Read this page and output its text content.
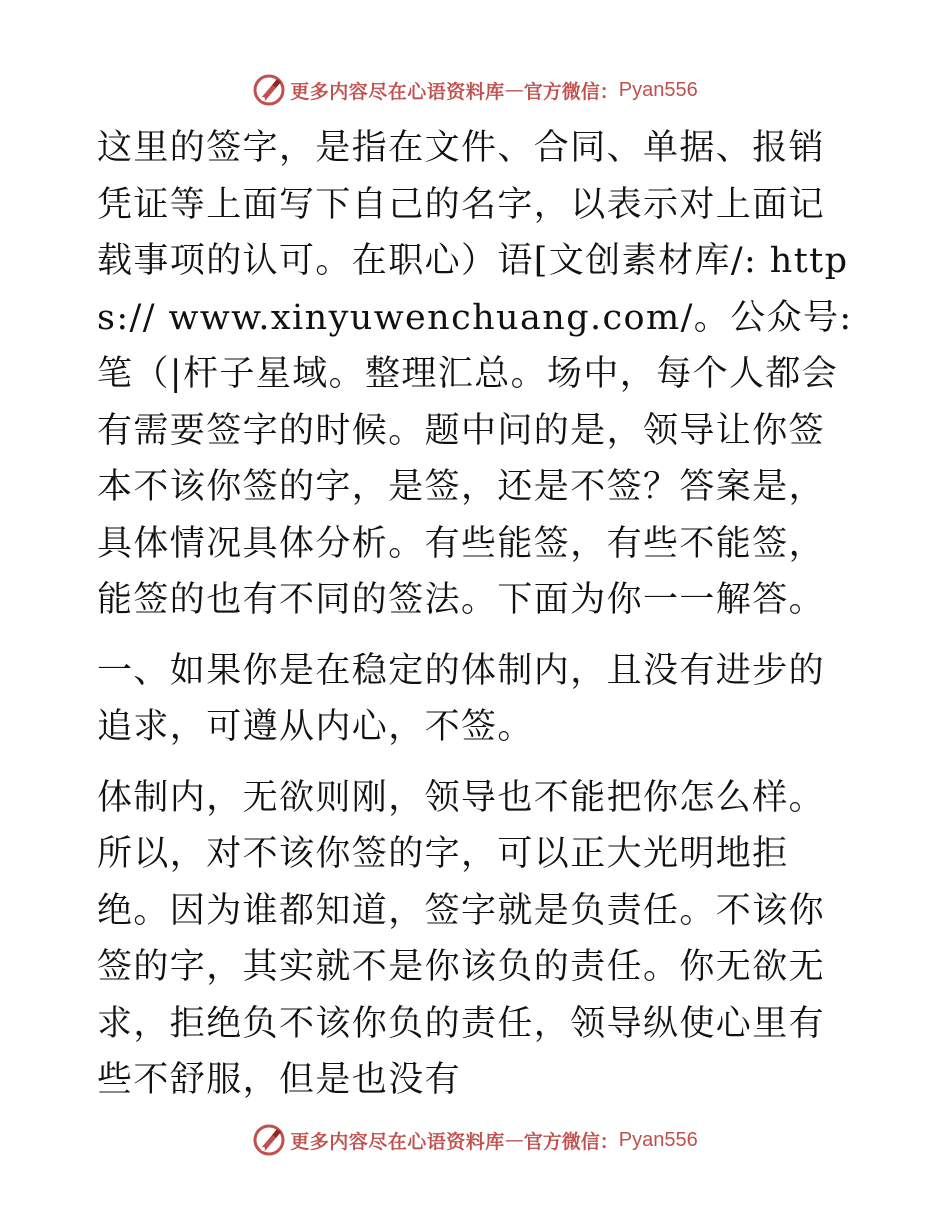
更多内容尽在心语资料库 — 官方微信： Pyan556

这里的签字，是指在文件、合同、单据、报销凭证等上面写下自己的名字，以表示对上面记载事项的认可。在职心）语[文创素材库/: https:// www.xinyuwenchuang.com/。公众号: 笔（|杆子星域。整理汇总。场中，每个人都会有需要签字的时候。题中问的是，领导让你签本不该你签的字，是签，还是不签？答案是，具体情况具体分析。有些能签，有些不能签，能签的也有不同的签法。下面为你一一解答。

一、如果你是在稳定的体制内，且没有进步的追求，可遵从内心，不签。

体制内，无欲则刚，领导也不能把你怎么样。所以，对不该你签的字，可以正大光明地拒绝。因为谁都知道，签字就是负责任。不该你签的字，其实就不是你该负的责任。你无欲无求，拒绝负不该你负的责任，领导纵使心里有些不舒服，但是也没有

更多内容尽在心语资料库 — 官方微信： Pyan556
